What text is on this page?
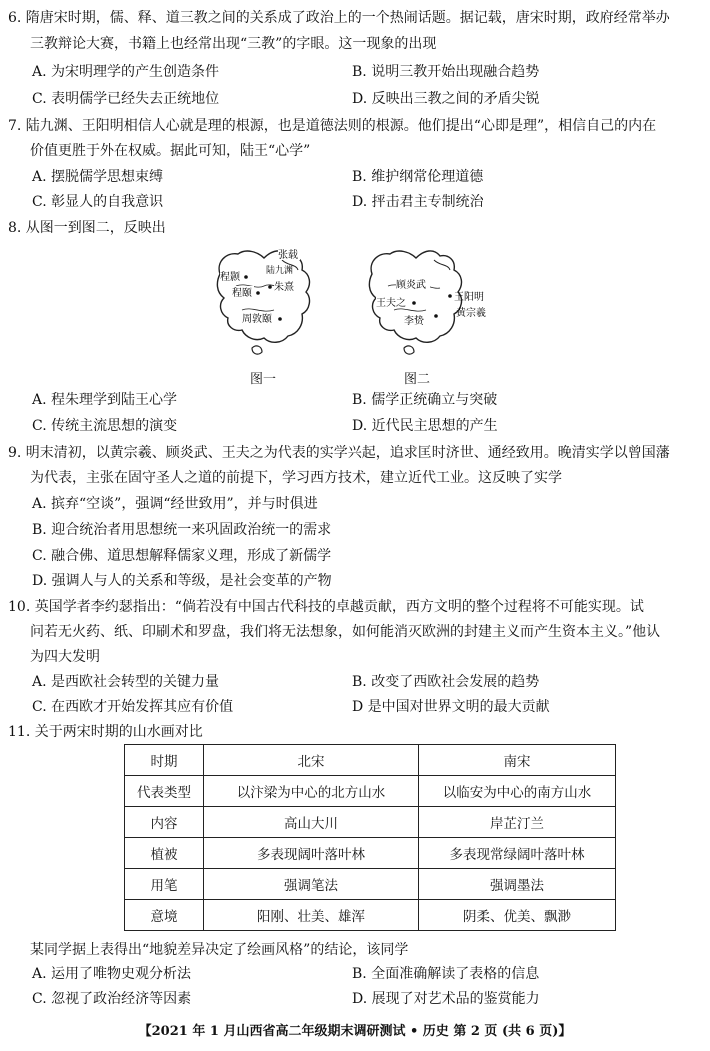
6. 隋唐宋时期，儒、释、道三教之间的关系成了政治上的一个热闹话题。据记载，唐宋时期，政府经常举办
三教辩论大赛，书籍上也经常出现“三教”的字眼。这一现象的出现
A. 为宋明理学的产生创造条件	B. 说明三教开始出现融合趋势
C. 表明儒学已经失去正统地位	D. 反映出三教之间的矛盾尖锐
7. 陆九渊、王阳明相信人心就是理的根源，也是道德法则的根源。他们提出“心即是理”，相信自己的内在
价值更胜于外在权威。据此可知，陆王“心学”
A. 摆脱儒学思想束缚	B. 维护纲常伦理道德
C. 彰显人的自我意识	D. 抨击君主专制统治
8. 从图一到图二，反映出
张载
程颢
程颐
朱熹
陆九渊
周敦颐
图一
顾炎武
王阳明
王夫之
李贽
黄宗羲
图二
A. 程朱理学到陆王心学	B. 儒学正统确立与突破
C. 传统主流思想的演变	D. 近代民主思想的产生
9. 明末清初，以黄宗羲、顾炎武、王夫之为代表的实学兴起，追求匡时济世、通经致用。晚清实学以曾国藩
为代表，主张在固守圣人之道的前提下，学习西方技术，建立近代工业。这反映了实学
A. 摈弃“空谈”，强调“经世致用”，并与时俱进
B. 迎合统治者用思想统一来巩固政治统一的需求
C. 融合佛、道思想解释儒家义理，形成了新儒学
D. 强调人与人的关系和等级，是社会变革的产物
10. 英国学者李约瑟指出：“倘若没有中国古代科技的卓越贡献，西方文明的整个过程将不可能实现。试
问若无火药、纸、印刷术和罗盘，我们将无法想象，如何能消灭欧洲的封建主义而产生资本主义。”他认
为四大发明
A. 是西欧社会转型的关键力量	B. 改变了西欧社会发展的趋势
C. 在西欧才开始发挥其应有价值	D 是中国对世界文明的最大贡献
11. 关于两宋时期的山水画对比
时期	北宋	南宋
代表类型	以汴梁为中心的北方山水	以临安为中心的南方山水
内容	高山大川	岸芷汀兰
植被	多表现阔叶落叶林	多表现常绿阔叶落叶林
用笔	强调笔法	强调墨法
意境	阳刚、壮美、雄浑	阴柔、优美、飘渺
某同学据上表得出“地貌差异决定了绘画风格”的结论，该同学
A. 运用了唯物史观分析法	B. 全面准确解读了表格的信息
C. 忽视了政治经济等因素	D. 展现了对艺术品的鉴赏能力
【2021 年 1 月山西省高二年级期末调研测试 • 历史 第 2 页 (共 6 页)】
